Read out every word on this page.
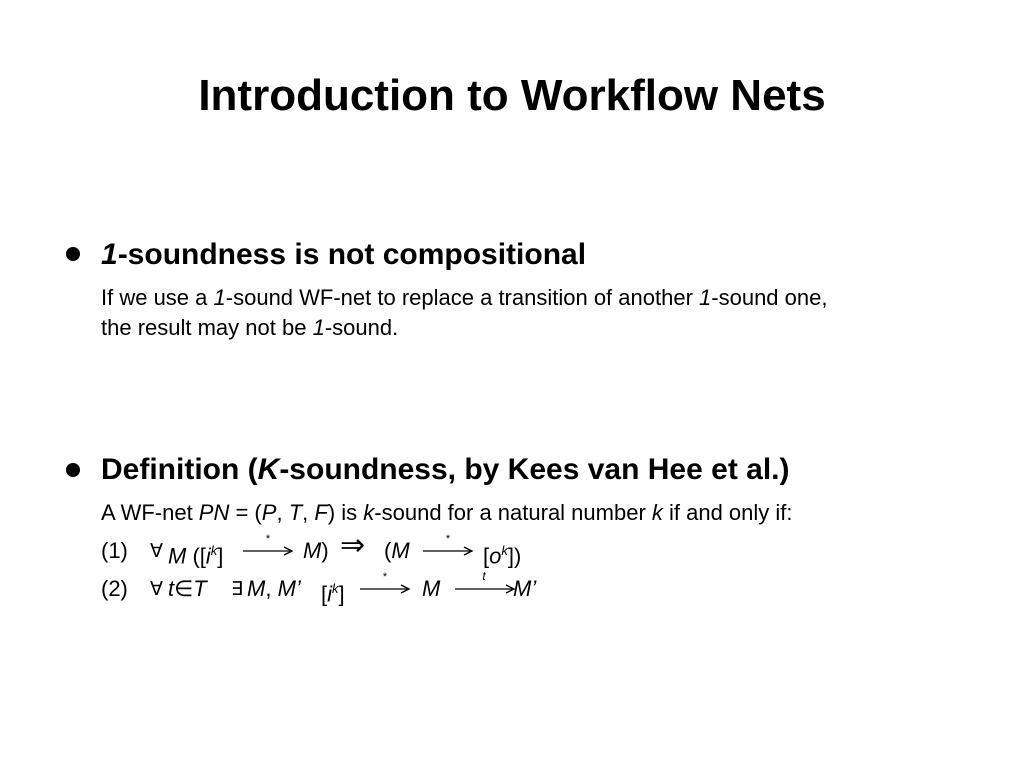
Introduction to Workflow Nets
1-soundness is not compositional
If we use a 1-sound WF-net to replace a transition of another 1-sound one,
the result may not be 1-sound.
Definition (K-soundness, by Kees van Hee et al.)
A WF-net PN = (P, T, F) is k-sound for a natural number k if and only if:
(1) ∀ M ($[i^k]$
* M) ⇒ (M	*
$[o^k]$)
(2) ∀ t∈T ∃ M, M’ $[i^k]$
* M	t M’
